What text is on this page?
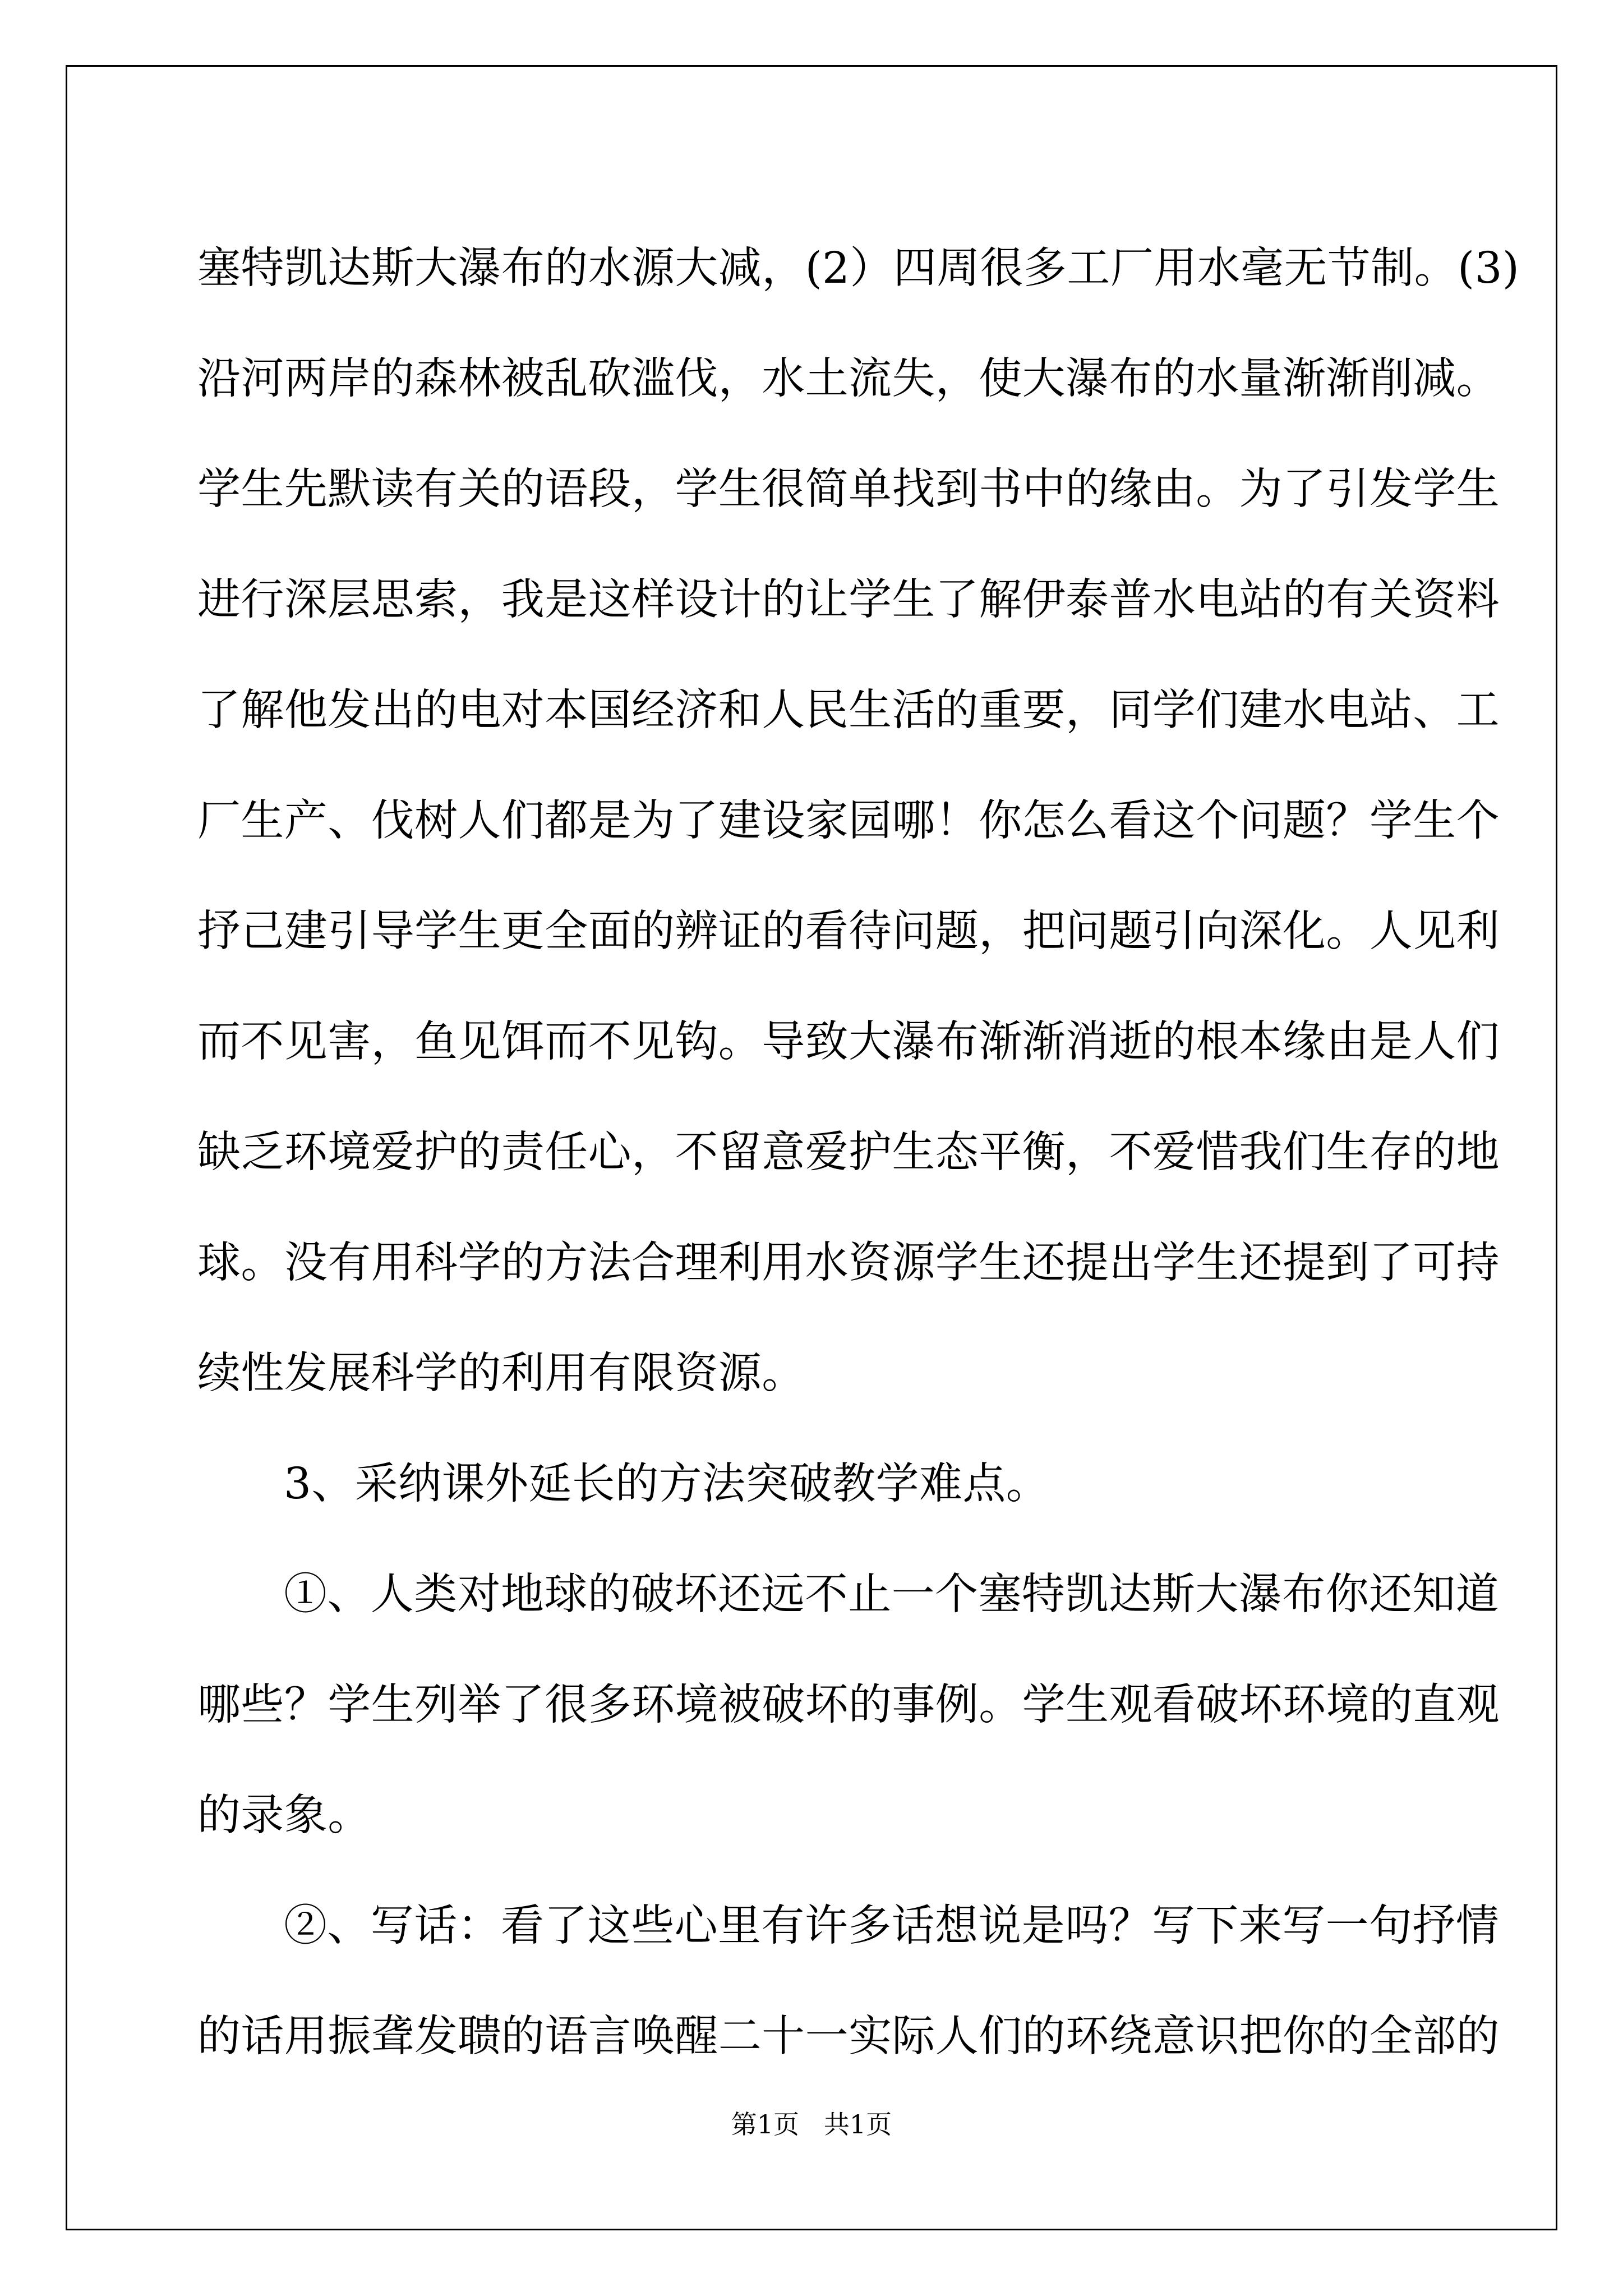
塞特凯达斯大瀑布的水源大减，(2）四周很多工厂用水毫无节制。(3)
沿河两岸的森林被乱砍滥伐，水土流失，使大瀑布的水量渐渐削减。
学生先默读有关的语段，学生很简单找到书中的缘由。为了引发学生
进行深层思索，我是这样设计的让学生了解伊泰普水电站的有关资料
了解他发出的电对本国经济和人民生活的重要，同学们建水电站、工
厂生产、伐树人们都是为了建设家园哪！你怎么看这个问题？学生个
抒己建引导学生更全面的辨证的看待问题，把问题引向深化。人见利
而不见害，鱼见饵而不见钩。导致大瀑布渐渐消逝的根本缘由是人们
缺乏环境爱护的责任心，不留意爱护生态平衡，不爱惜我们生存的地
球。没有用科学的方法合理利用水资源学生还提出学生还提到了可持
续性发展科学的利用有限资源。
3、采纳课外延长的方法突破教学难点。
①、人类对地球的破坏还远不止一个塞特凯达斯大瀑布你还知道
哪些？学生列举了很多环境被破坏的事例。学生观看破坏环境的直观
的录象。
②、写话：看了这些心里有许多话想说是吗？写下来写一句抒情
的话用振聋发聩的语言唤醒二十一实际人们的环绕意识把你的全部的
第1页   共1页
